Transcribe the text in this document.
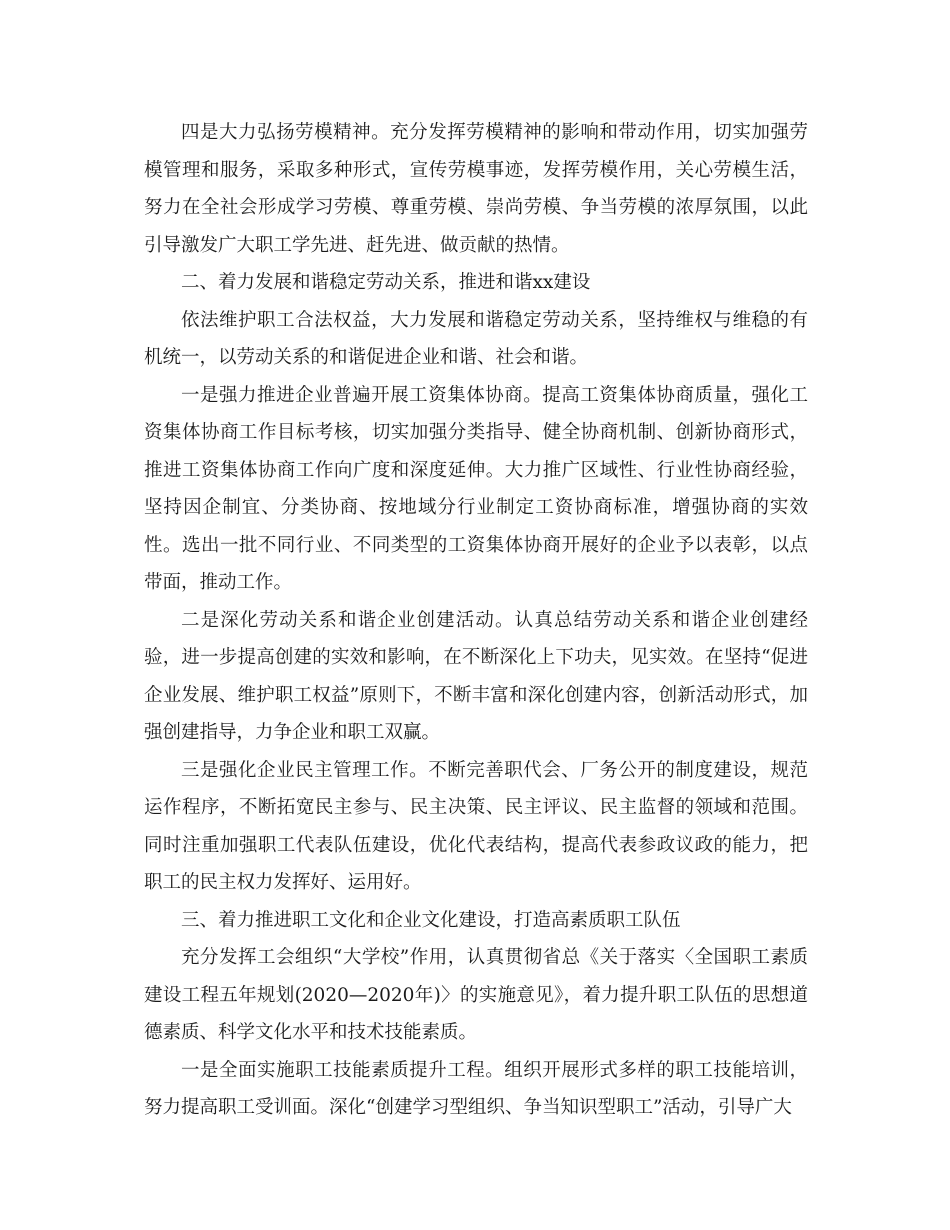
四是大力弘扬劳模精神。充分发挥劳模精神的影响和带动作用，切实加强劳模管理和服务，采取多种形式，宣传劳模事迹，发挥劳模作用，关心劳模生活，努力在全社会形成学习劳模、尊重劳模、崇尚劳模、争当劳模的浓厚氛围，以此引导激发广大职工学先进、赶先进、做贡献的热情。

二、着力发展和谐稳定劳动关系，推进和谐xx建设

依法维护职工合法权益，大力发展和谐稳定劳动关系，坚持维权与维稳的有机统一，以劳动关系的和谐促进企业和谐、社会和谐。

一是强力推进企业普遍开展工资集体协商。提高工资集体协商质量，强化工资集体协商工作目标考核，切实加强分类指导、健全协商机制、创新协商形式，推进工资集体协商工作向广度和深度延伸。大力推广区域性、行业性协商经验，坚持因企制宜、分类协商、按地域分行业制定工资协商标准，增强协商的实效性。选出一批不同行业、不同类型的工资集体协商开展好的企业予以表彰，以点带面，推动工作。

二是深化劳动关系和谐企业创建活动。认真总结劳动关系和谐企业创建经验，进一步提高创建的实效和影响，在不断深化上下功夫，见实效。在坚持“促进企业发展、维护职工权益”原则下，不断丰富和深化创建内容，创新活动形式，加强创建指导，力争企业和职工双赢。

三是强化企业民主管理工作。不断完善职代会、厂务公开的制度建设，规范运作程序，不断拓宽民主参与、民主决策、民主评议、民主监督的领域和范围。同时注重加强职工代表队伍建设，优化代表结构，提高代表参政议政的能力，把职工的民主权力发挥好、运用好。

三、着力推进职工文化和企业文化建设，打造高素质职工队伍

充分发挥工会组织“大学校”作用，认真贯彻省总《关于落实〈全国职工素质建设工程五年规划(2020—2020年)〉的实施意见》，着力提升职工队伍的思想道德素质、科学文化水平和技术技能素质。

一是全面实施职工技能素质提升工程。组织开展形式多样的职工技能培训，努力提高职工受训面。深化“创建学习型组织、争当知识型职工”活动，引导广大
